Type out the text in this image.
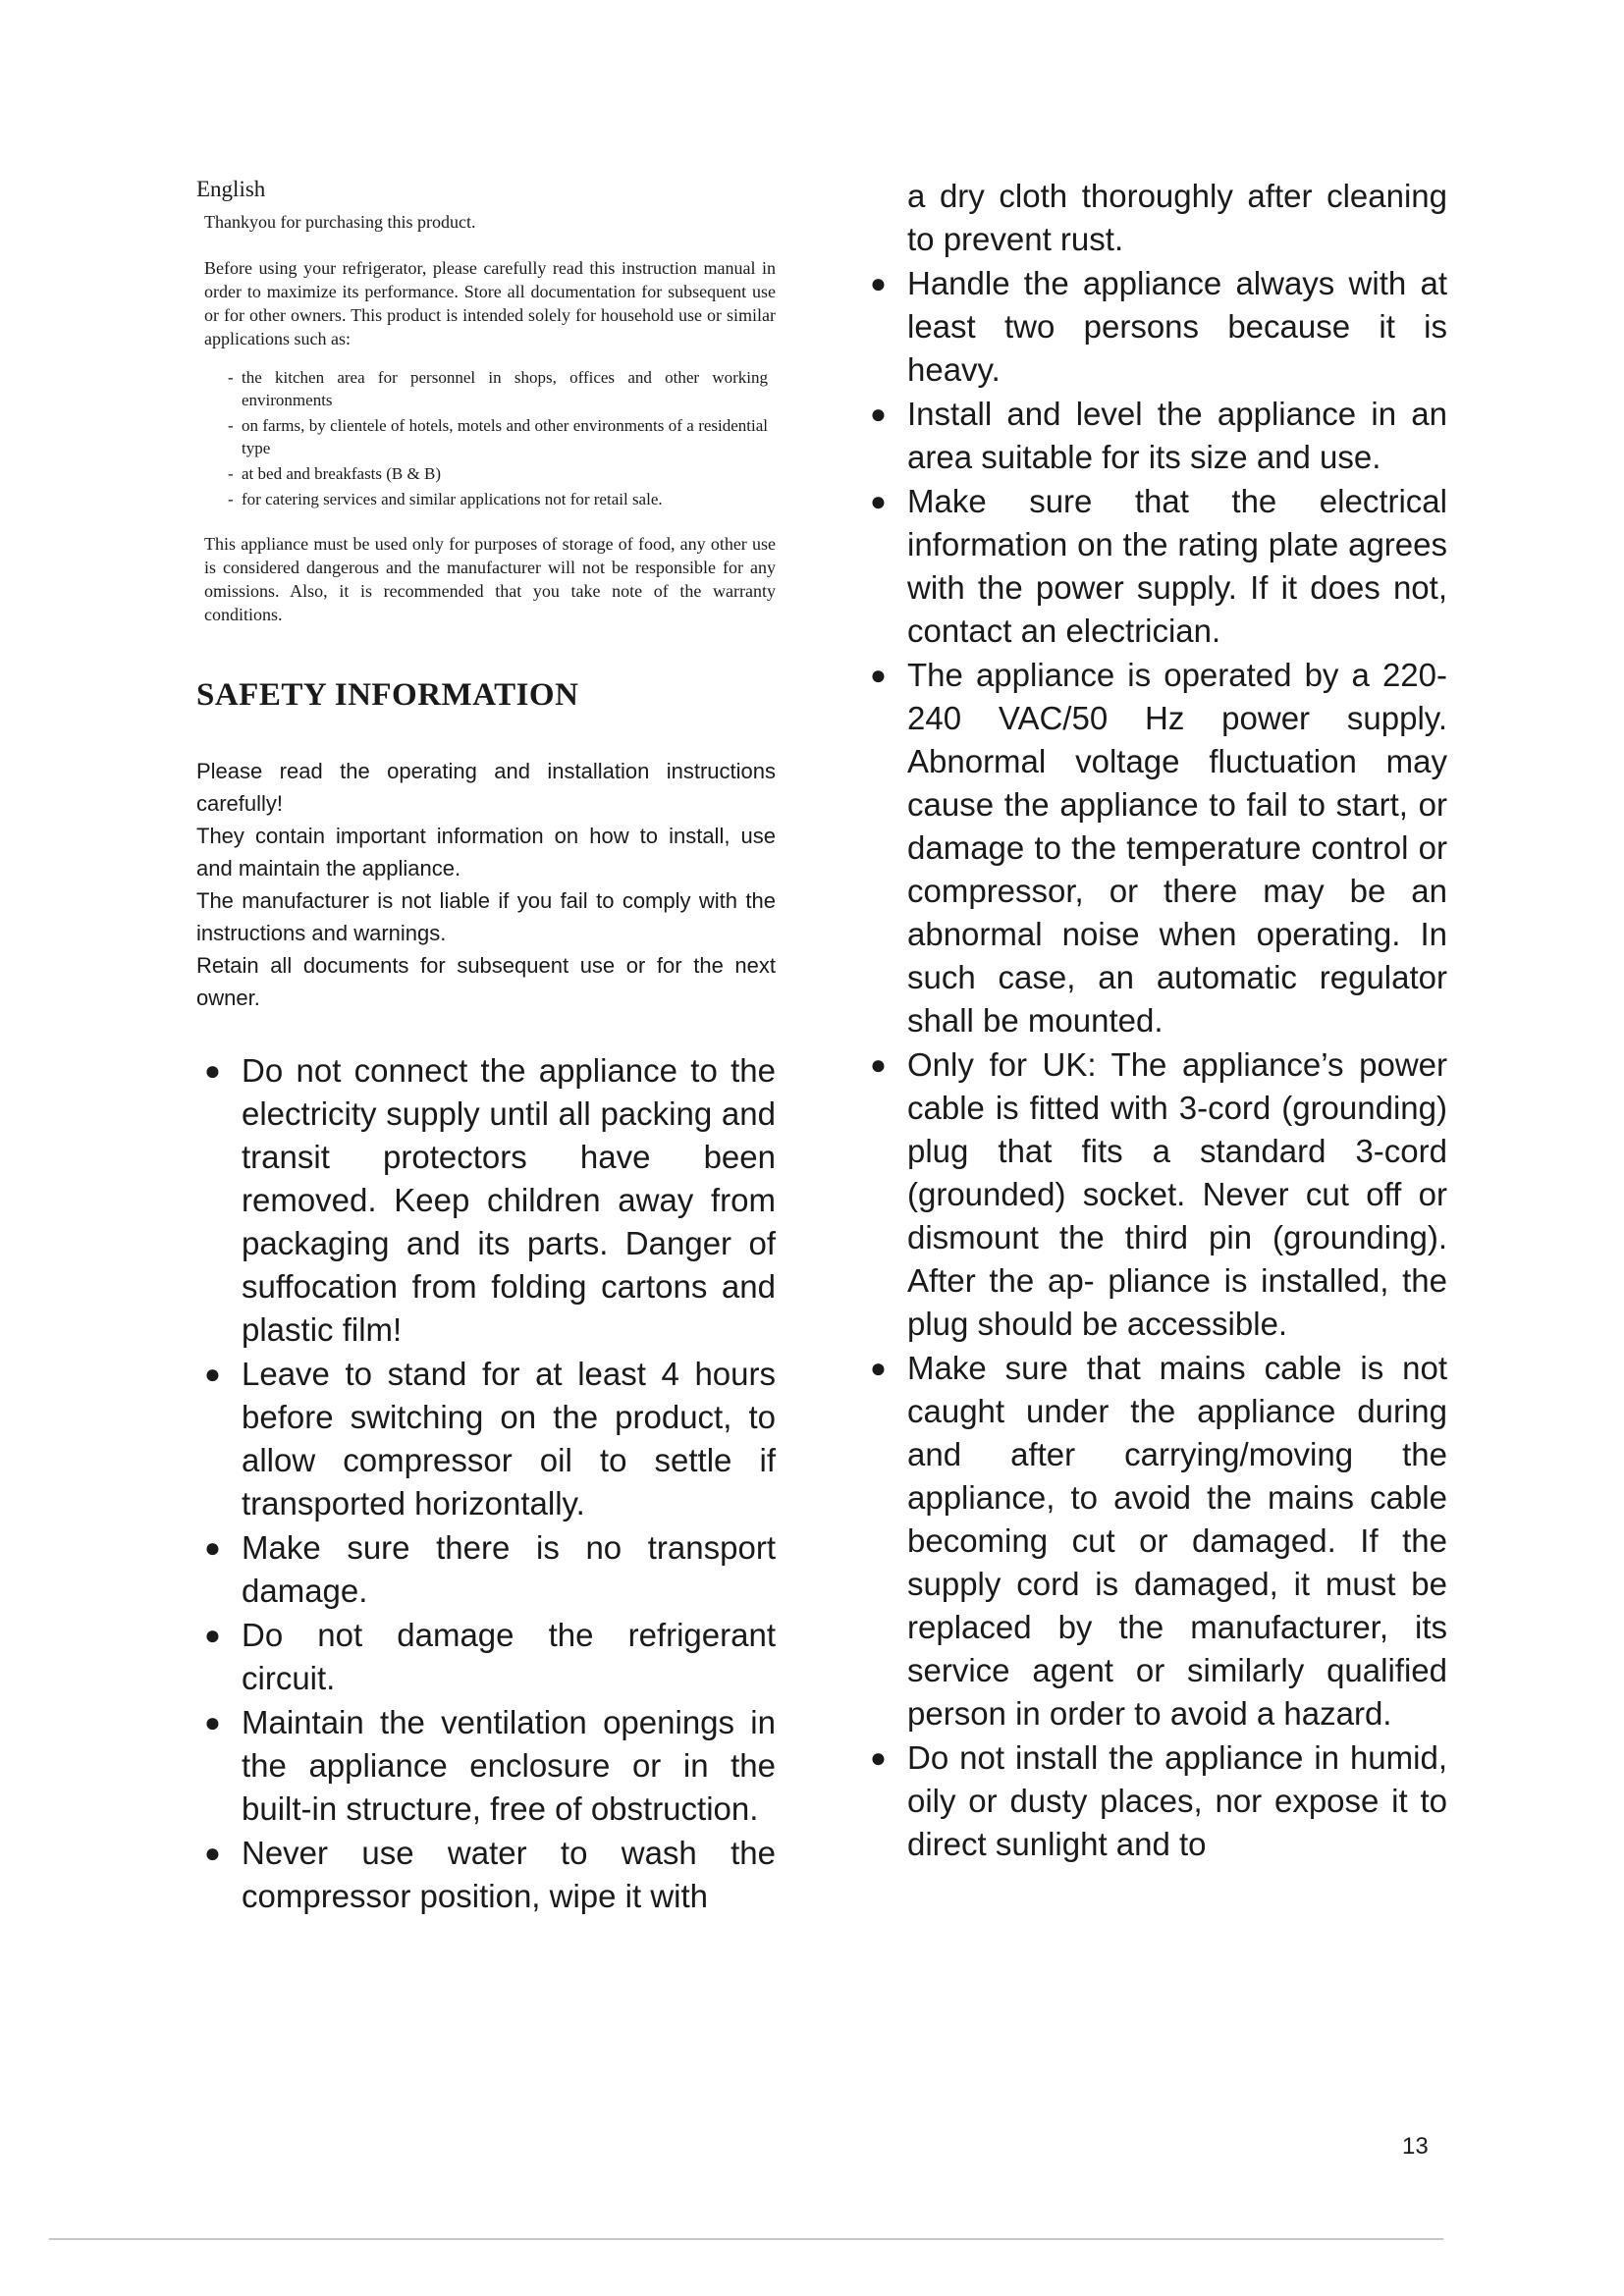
English
Thankyou for purchasing this product.

Before using your refrigerator, please carefully read this instruction manual in order to maximize its performance. Store all documentation for subsequent use or for other owners. This product is intended solely for household use or similar applications such as:

- the kitchen area for personnel in shops, offices and other working environments
- on farms, by clientele of hotels, motels and other environments of a residential type
- at bed and breakfasts (B & B)
- for catering services and similar applications not for retail sale.

This appliance must be used only for purposes of storage of food, any other use is considered dangerous and the manufacturer will not be responsible for any omissions. Also, it is recommended that you take note of the warranty conditions.

SAFETY INFORMATION

Please read the operating and installation instructions carefully!

They contain important information on how to install, use and maintain the appliance.

The manufacturer is not liable if you fail to comply with the instructions and warnings.

Retain all documents for subsequent use or for the next owner.

● Do not connect the appliance to the electricity supply until all packing and transit protectors have been removed. Keep children away from packaging and its parts. Danger of suffocation from folding cartons and plastic film!
● Leave to stand for at least 4 hours before switching on the product, to allow compressor oil to settle if transported horizontally.
● Make sure there is no transport damage.
● Do not damage the refrigerant circuit.
● Maintain the ventilation openings in the appliance enclosure or in the built-in structure, free of obstruction.
● Never use water to wash the compressor position, wipe it with
a dry cloth thoroughly after cleaning to prevent rust.
● Handle the appliance always with at least two persons because it is heavy.
● Install and level the appliance in an area suitable for its size and use.
● Make sure that the electrical information on the rating plate agrees with the power supply. If it does not, contact an electrician.
● The appliance is operated by a 220-240 VAC/50 Hz power supply. Abnormal voltage fluctuation may cause the appliance to fail to start, or damage to the temperature control or compressor, or there may be an abnormal noise when operating. In such case, an automatic regulator shall be mounted.
● Only for UK: The appliance’s power cable is fitted with 3-cord (grounding) plug that fits a standard 3-cord (grounded) socket. Never cut off or dismount the third pin (grounding). After the ap- pliance is installed, the plug should be accessible.
● Make sure that mains cable is not caught under the appliance during and after carrying/moving the appliance, to avoid the mains cable becoming cut or damaged. If the supply cord is damaged, it must be replaced by the manufacturer, its service agent or similarly qualified person in order to avoid a hazard.
● Do not install the appliance in humid, oily or dusty places, nor expose it to direct sunlight and to
13
